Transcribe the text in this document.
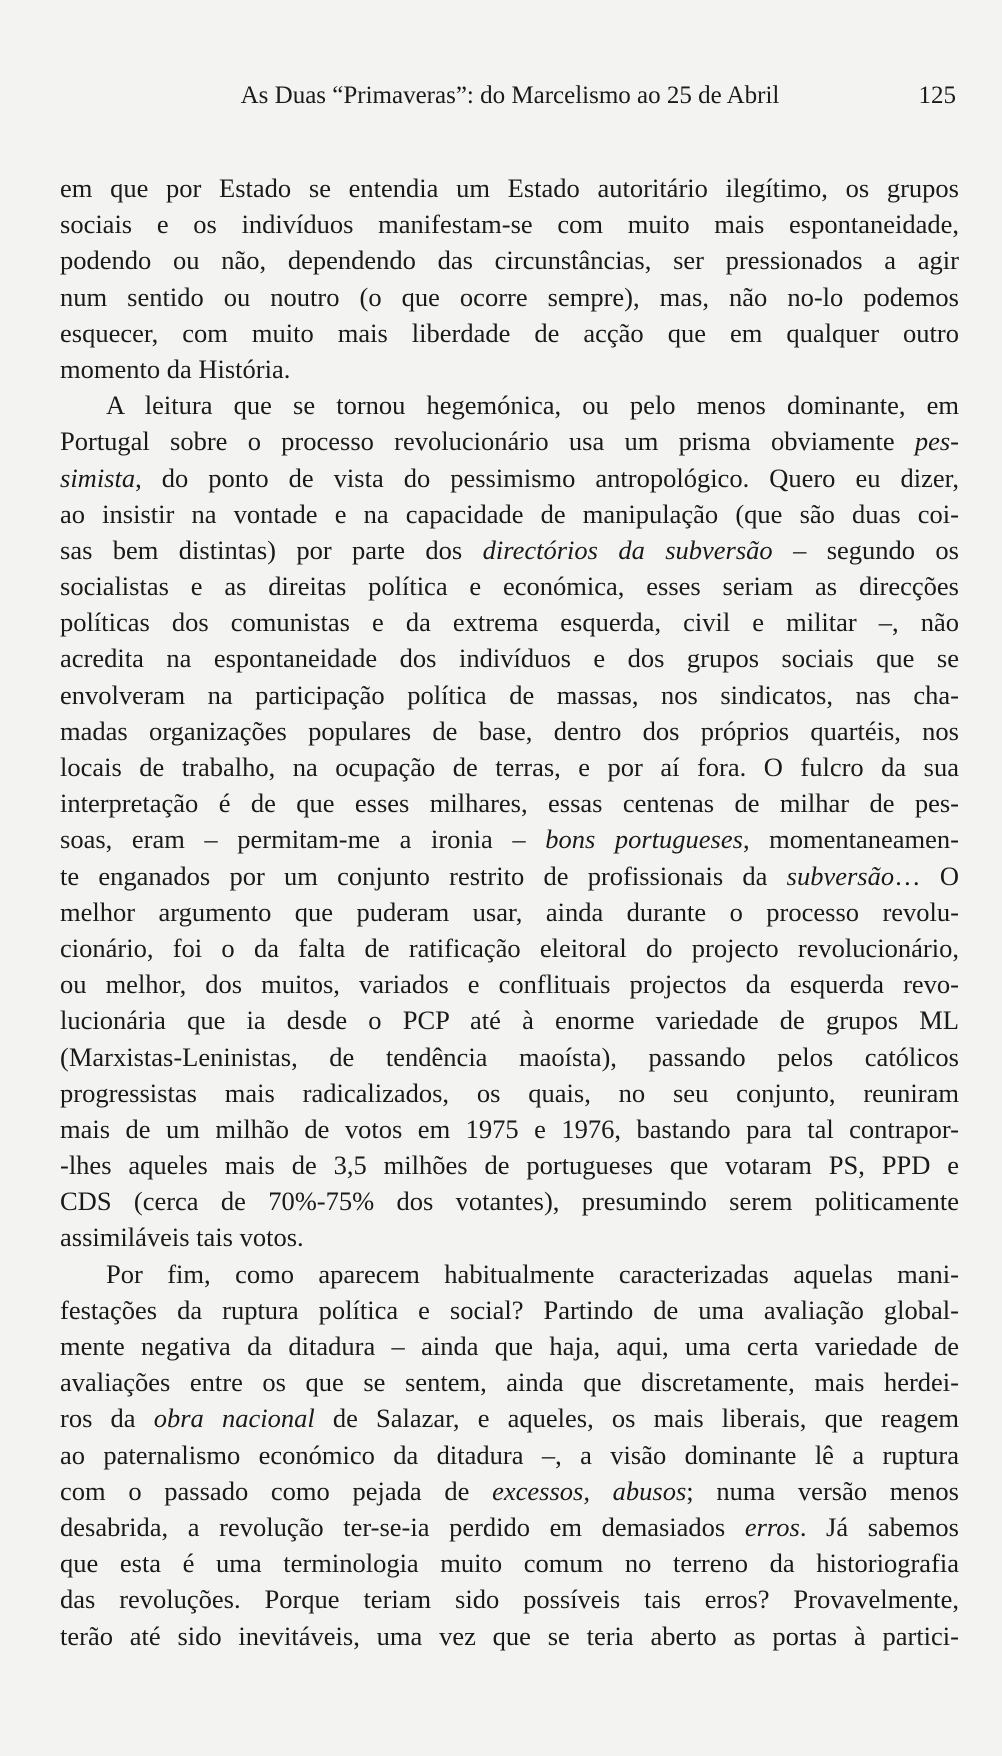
As Duas “Primaveras”: do Marcelismo ao 25 de Abril	125
em que por Estado se entendia um Estado autoritário ilegítimo, os grupos
sociais e os indivíduos manifestam-se com muito mais espontaneidade,
podendo ou não, dependendo das circunstâncias, ser pressionados a agir
num sentido ou noutro (o que ocorre sempre), mas, não no-lo podemos
esquecer, com muito mais liberdade de acção que em qualquer outro
momento da História.
A leitura que se tornou hegemónica, ou pelo menos dominante, em
Portugal sobre o processo revolucionário usa um prisma obviamente pes-
simista, do ponto de vista do pessimismo antropológico. Quero eu dizer,
ao insistir na vontade e na capacidade de manipulação (que são duas coi-
sas bem distintas) por parte dos directórios da subversão – segundo os
socialistas e as direitas política e económica, esses seriam as direcções
políticas dos comunistas e da extrema esquerda, civil e militar –, não
acredita na espontaneidade dos indivíduos e dos grupos sociais que se
envolveram na participação política de massas, nos sindicatos, nas cha-
madas organizações populares de base, dentro dos próprios quartéis, nos
locais de trabalho, na ocupação de terras, e por aí fora. O fulcro da sua
interpretação é de que esses milhares, essas centenas de milhar de pes-
soas, eram – permitam-me a ironia – bons portugueses, momentaneamen-
te enganados por um conjunto restrito de profissionais da subversão… O
melhor argumento que puderam usar, ainda durante o processo revolu-
cionário, foi o da falta de ratificação eleitoral do projecto revolucionário,
ou melhor, dos muitos, variados e conflituais projectos da esquerda revo-
lucionária que ia desde o PCP até à enorme variedade de grupos ML
(Marxistas-Leninistas, de tendência maoísta), passando pelos católicos
progressistas mais radicalizados, os quais, no seu conjunto, reuniram
mais de um milhão de votos em 1975 e 1976, bastando para tal contrapor-
-lhes aqueles mais de 3,5 milhões de portugueses que votaram PS, PPD e
CDS (cerca de 70%-75% dos votantes), presumindo serem politicamente
assimiláveis tais votos.
Por fim, como aparecem habitualmente caracterizadas aquelas mani-
festações da ruptura política e social? Partindo de uma avaliação global-
mente negativa da ditadura – ainda que haja, aqui, uma certa variedade de
avaliações entre os que se sentem, ainda que discretamente, mais herdei-
ros da obra nacional de Salazar, e aqueles, os mais liberais, que reagem
ao paternalismo económico da ditadura –, a visão dominante lê a ruptura
com o passado como pejada de excessos, abusos; numa versão menos
desabrida, a revolução ter-se-ia perdido em demasiados erros. Já sabemos
que esta é uma terminologia muito comum no terreno da historiografia
das revoluções. Porque teriam sido possíveis tais erros? Provavelmente,
terão até sido inevitáveis, uma vez que se teria aberto as portas à partici-
